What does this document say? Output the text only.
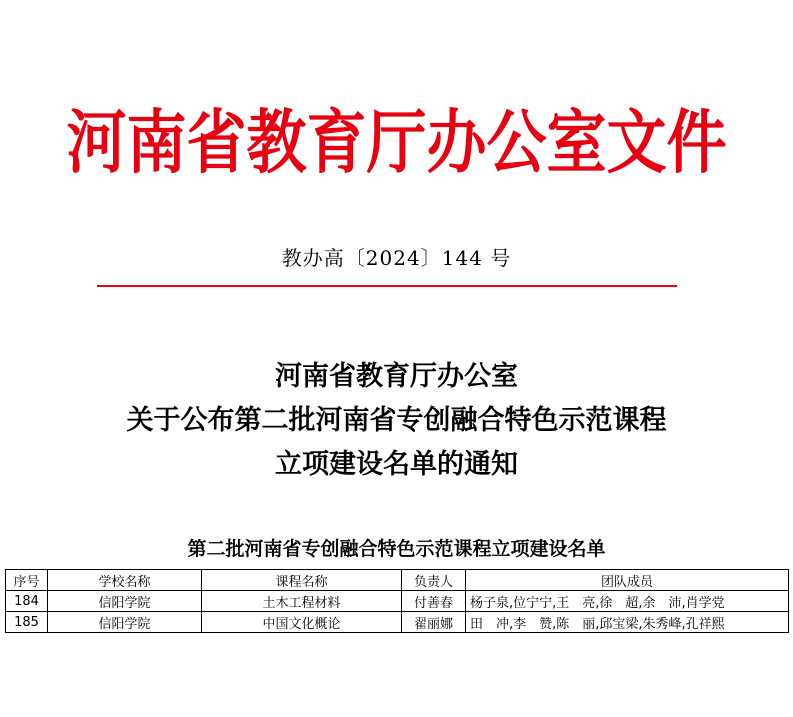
河南省教育厅办公室文件
教办高〔2024〕144 号
河南省教育厅办公室
关于公布第二批河南省专创融合特色示范课程
立项建设名单的通知
第二批河南省专创融合特色示范课程立项建设名单
序号	学校名称	课程名称	负责人	团队成员
184	信阳学院	土木工程材料	付善春	杨子泉,位宁宁,王　亮,徐　超,余　沛,肖学党
185	信阳学院	中国文化概论	翟丽娜	田　冲,李　赞,陈　丽,邱宝梁,朱秀峰,孔祥熙
